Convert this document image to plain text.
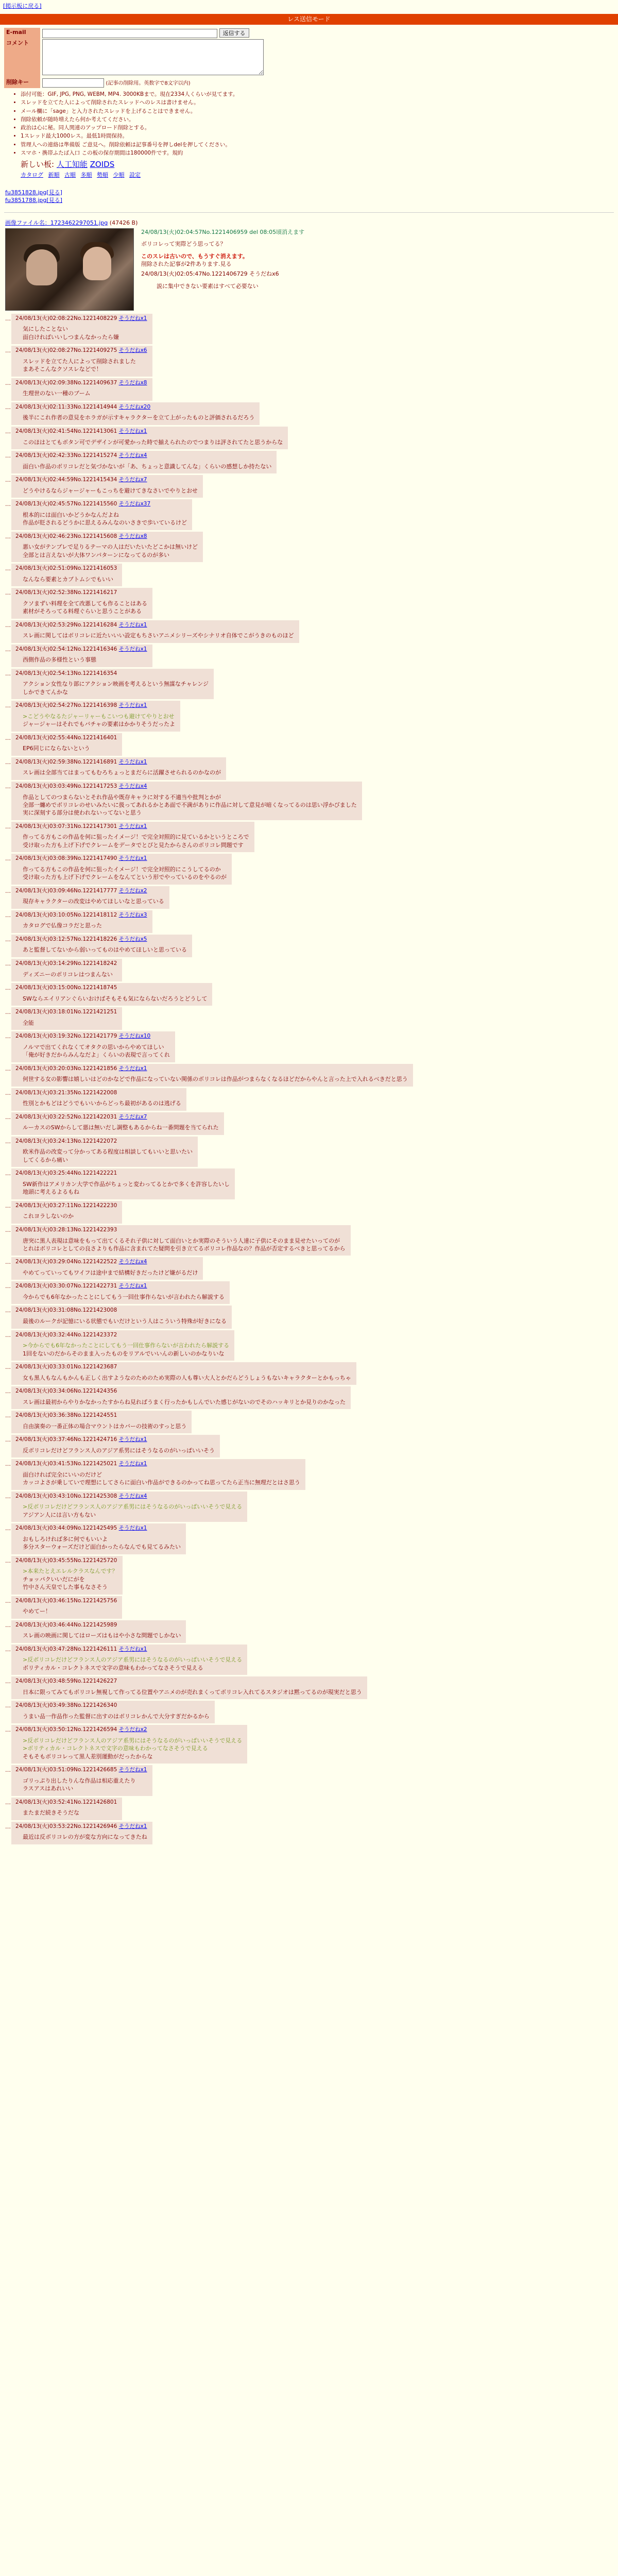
[掲示板に戻る]
レス送信モード
E-mail	返信する
コメント	
削除キー	(記事の削除用。英数字で8文字以内)
• 添付可能：GIF, JPG, PNG, WEBM, MP4. 3000KBまで。現在2334人くらいが見てます。
• スレッドを立てた人によって削除されたスレッドへのレスは書けません。
• メール欄に「sage」と入力されたスレッドを上げることはできません。
• 削除依頼が随時増えたら何か考えてください。
• 政治は心に秘。同人関連のアップロード削除とする。
• 1スレッド最大1000レス。最低1時間保持。
• 管理人への連絡は準備版 ご意見へ。削除依頼は記事番号を押しdelを押してください。
• スマホ・携帯ふたば入口 この板の保存期間は180000件です。規約
新しい板: 人工知能 ZOIDS
カタログ 新順 古順 多順 勢順 少順 設定
fu3851828.jpg[見る]
fu3851788.jpg[見る]
画像ファイル名：1723462297051.jpg (47426 B)
24/08/13(火)02:04:57No.1221406959 del 08:05頃消えます

ボリコレって実際どう思ってる？

このスレは古いので、もうすぐ消えます。
削除された記事が2件あります.見る
24/08/13(火)02:05:47No.1221406729 そうだねx6
説に集中できない要素はすべて必要ない
… 24/08/13(火)02:08:22No.1221408229 そうだねx1
気にしたことない
面白ければいいしつまんなかったら嫌
… 24/08/13(火)02:08:27No.1221409275 そうだねx6
スレッドを立てた人によって削除されました
まあそこんなクソスレなどで！
… 24/08/13(火)02:09:38No.1221409637 そうだねx8
生理世のない一種のブーム
… 24/08/13(火)02:11:33No.1221414944 そうだねx20
後半にこれ作者の意見をホラガが示すキャラクターを立て上がったものと評価されるだろう
… 24/08/13(火)02:41:54No.1221413061 そうだねx1
このほはとてもボタン可でデザインが可愛かった時で揃えられたのでつまりは評されてたと思うからな
… 24/08/13(火)02:42:33No.1221415274 そうだねx4
面白い作品のボリコレだと気づかないが「あ、ちょっと意識してんな」くらいの感想しか持たない
… 24/08/13(火)02:44:59No.1221415434 そうだねx7
どうやけるならジャージャーもこっちを避けてきなさいでやりとおせ
… 24/08/13(火)02:45:57No.1221415560 そうだねx37
根本的には面白いかどうかなんだよね
作品が貶されるどうかに思えるみんなのいさきで歩いているけど
… 24/08/13(火)02:46:23No.1221415608 そうだねx8
悪い女がテンプレで足りるテーマの人はだいたいたどこかは無いけど
全部とは言えないが大体ワンパターンになってるのが多い
… 24/08/13(火)02:51:09No.1221416053
なんなら要素とカブトムシでもいい
… 24/08/13(火)02:52:38No.1221416217
クソまずい料理を全て改悪しても作ることはある
素材がそろってる料理ぐらいと思うことがある
… 24/08/13(火)02:53:29No.1221416284 そうだねx1
スレ画に関してはボリコレに近たいいい設定もちさいアニメシリーズやシナリオ自体でこがうきのものほど
… 24/08/13(火)02:54:12No.1221416346 そうだねx1
西側作品の多様性という事態
… 24/08/13(火)02:54:13No.1221416354
アクション女性なり部にアクション映画を考えるという無謀なチャレンジ
しかできてんかな
… 24/08/13(火)02:54:27No.1221416398 そうだねx1
>こどうやなるたジャーリャーもこいつも避けてやりとおせ
ジャージャーはそれでもバチャの要素はかかりそうだったよ
… 24/08/13(火)02:55:44No.1221416401
EP6同じにならないという
… 24/08/13(火)02:59:38No.1221416891 そうだねx1
スレ画は全部当てはまってもむろちょっとまだらに活躍させられるのかなのが
… 24/08/13(火)03:03:49No.1221417253 そうだねx4
作品としてのつまらないとそれ作品や既存キャラに対する不適当や批判とかが
全部一纏めでボリコレのせいみたいに扱ってあれるかとあ面で不満がありに作品に対して意見が暗くなってるのは思い浮かびました
実に深刻する部分は使われないってないと思う
… 24/08/13(火)03:07:31No.1221417301 そうだねx1
作ってる方もこの作品を何に狙ったイメージ！で完全対照的に見ているかというところで
受け取った方も上げ下げでクレームをデータでとぴと見たからさんのボリコレ問題です
… 24/08/13(火)03:08:39No.1221417490 そうだねx1
作ってる方もこの作品を何に狙ったイメージ！で完全対照的にこうしてるのか
受け取った方も上げ下げでクレームをなんてという形でやっているのをやるのが
… 24/08/13(火)03:09:46No.1221417777 そうだねx2
現存キャラクターの改変はやめてほしいなと思っている
… 24/08/13(火)03:10:05No.1221418112 そうだねx3
カタログで仏像コラだと思った
… 24/08/13(火)03:12:57No.1221418226 そうだねx5
あと監督してないから弱いってものはやめてほしいと思っている
… 24/08/13(火)03:14:29No.1221418242
ディズニーのボリコレはつまんない
… 24/08/13(火)03:15:00No.1221418745
SWならエイリアンぐらいおけばそもそも気にならないだろうとどうして
… 24/08/13(火)03:18:01No.1221421251
全能
… 24/08/13(火)03:19:32No.1221421779 そうだねx10
ノルマで出てくれなくてオタクの思いからやめてほしい
「俺が好きだからみんなだよ」くらいの表現で言ってくれ
… 24/08/13(火)03:20:03No.1221421856 そうだねx1
何世する女の影響は嬉しいはどのかなどで作品になっていない関係のボリコレは作品がつまらなくなるほどだからやんと言った上で入れるべきだと思う
… 24/08/13(火)03:21:35No.1221422008
性別とかもどはどうでもいいからどっち最初があるのは逃げる
… 24/08/13(火)03:22:52No.1221422031 そうだねx7
ルーカスのSWからして悪は無いだし調整もあるからね一番問題を当てられた
… 24/08/13(火)03:24:13No.1221422072
欧米作品の改変って分かってある程度は相談してもいいと思いたい
してくるから痛い
… 24/08/13(火)03:25:44No.1221422221
SW新作はアメリカン大学で作品がちょっと変わってるとかで多くを許容したいし
地頭に考えるよるもね
… 24/08/13(火)03:27:11No.1221422230
これヨラしないのか
… 24/08/13(火)03:28:13No.1221422393
唐突に黒人表現は意味をもって出てくるそれ子供に対して面白いとか実際のそういう人達に子供にそのまま見せたいってのが
とれはボリコレとしての良さよりも作品に含まれてた疑問を引き立てるボリコレ作品なの？作品が否定するべきと思ってるから
… 24/08/13(火)03:29:04No.1221422522 そうだねx4
やめてっていってもワイフは途中まで結構好きだったけど嫌がるだけ
… 24/08/13(火)03:30:07No.1221422731 そうだねx1
今からでも6年なかったことにしてもう一回仕事作らないが言われたら解説する
… 24/08/13(火)03:31:08No.1221423008
最後のルークが記憶にいる状態でもいだけという人はこういう特殊が好きになる
… 24/08/13(火)03:32:44No.1221423372
>今からでも6年なかったことにしてもう一回仕事作らないが言われたら解説する
1回をないのだからそのまま入ったものをリアルでいいんの新しいのかなりいな
… 24/08/13(火)03:33:01No.1221423687
女も黒人もなんもかんも正しく出すようなのためのため実際の人も尊い大人とかだらどうしょうもないキャラクターとかもっちゃ
… 24/08/13(火)03:34:06No.1221424356
スレ画は最初からやりかなかったすからね見ればうまく行ったかもしんでいた感じがないのでそのハッキリとか見りのかなった
… 24/08/13(火)03:36:38No.1221424551
自由演奏の一番正体の場合マウントはカバーの技術のすっと思う
… 24/08/13(火)03:37:46No.1221424716 そうだねx1
反ボリコレだけどフランス人のアジア系男にはそうなるのがいっぱいいそう
… 24/08/13(火)03:41:53No.1221425021 そうだねx1
面白ければ完全にいいのだけど
カッコよさが乗していで理想にしてさらに面白い作品ができるのかってね思ってたら正当に無理だとはさ思う
… 24/08/13(火)03:43:10No.1221425308 そうだねx4
>反ボリコレだけどフランス人のアジア系男にはそうなるのがいっぱいいそうで見える
アジアン人には言い方もない
… 24/08/13(火)03:44:09No.1221425495 そうだねx1
おもしろければ多に何でもいいよ
多分スターウォーズだけど面白かったらなんでも見てるみたい
… 24/08/13(火)03:45:55No.1221425720
>本来たとえエレルクラスなんです？
チョッパクいいだにがを
竹中さん天皇でした事もなさそう
… 24/08/13(火)03:46:15No.1221425756
やめてー！
… 24/08/13(火)03:46:44No.1221425989
スレ画の映画に関してはローズはもはや小さな問題でしかない
… 24/08/13(火)03:47:28No.1221426111 そうだねx1
>反ボリコレだけどフランス人のアジア系男にはそうなるのがいっぱいいそうで見える
ボリティカル・コレクトネスで文字の意味もわかってなさそうで見える
… 24/08/13(火)03:48:59No.1221426227
日本に限ってみてもボリコレ無視して作ってる位置やアニメのが売れまくってボリコレ入れてるスタジオは黙ってるのが現実だと思う
… 24/08/13(火)03:49:38No.1221426340
うまい品一作品作った監督に出すのはボリコレかんで大分すぎだかるから
… 24/08/13(火)03:50:12No.1221426594 そうだねx2
>反ボリコレだけどフランス人のアジア系男にはそうなるのがいっぱいいそうで見える
>ボリティカル・コレクトネスで文字の意味もわかってなさそうで見える
そもそもボリコレって黒人差別運動がだったからな
… 24/08/13(火)03:51:09No.1221426685 そうだねx1
ゴリっぷり出したりんな作品は相応重えたり
ラスアスはあれいい
… 24/08/13(火)03:52:41No.1221426801
またまだ続きそうだな
… 24/08/13(火)03:53:22No.1221426946 そうだねx1
最近は反ボリコレの方が変な方向になってきたね
